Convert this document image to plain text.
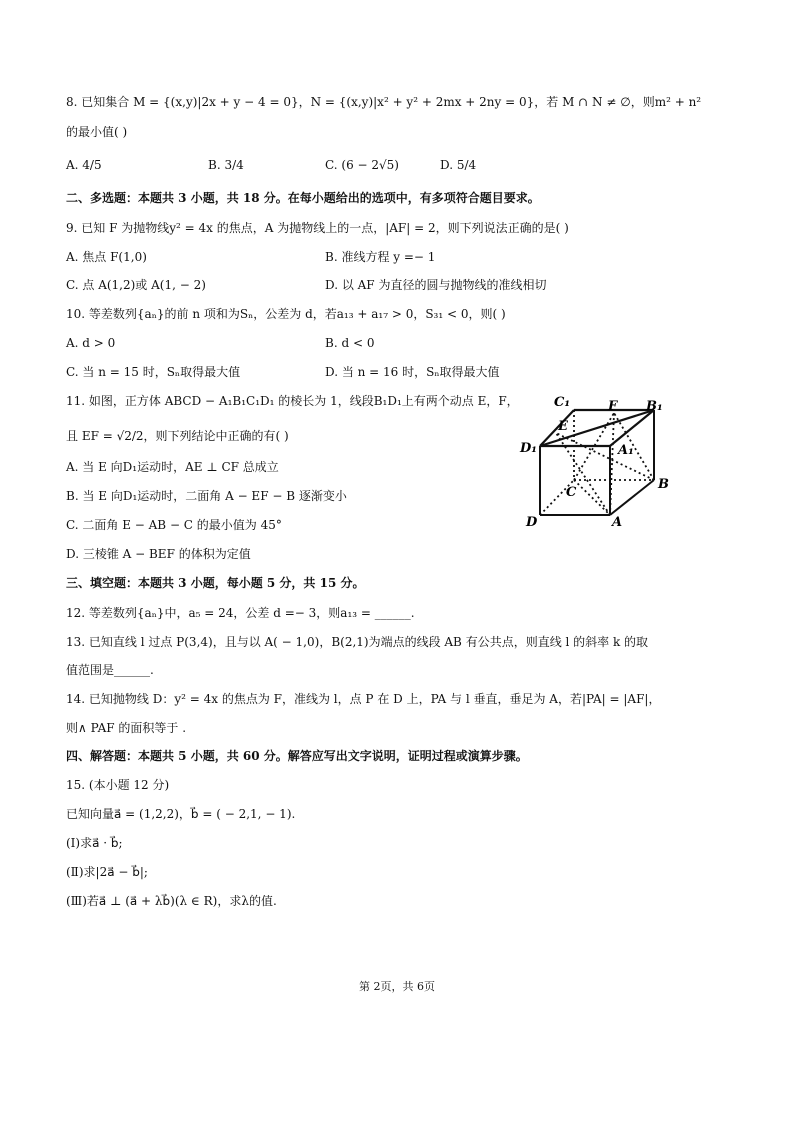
8. 已知集合 M = {(x,y)|2x + y − 4 = 0}，N = {(x,y)|x² + y² + 2mx + 2ny = 0}，若 M ∩ N ≠ ∅，则m² + n²
的最小值( )
A. 4/5	B. 3/4	C. (6 − 2√5)	D. 5/4
二、多选题：本题共 3 小题，共 18 分。在每小题给出的选项中，有多项符合题目要求。
9. 已知 F 为抛物线y² = 4x 的焦点，A 为抛物线上的一点，|AF| = 2，则下列说法正确的是( )
A. 焦点 F(1,0)	B. 准线方程 y =− 1
C. 点 A(1,2)或 A(1, − 2)	D. 以 AF 为直径的圆与抛物线的准线相切
10. 等差数列{aₙ}的前 n 项和为Sₙ，公差为 d，若a₁₃ + a₁₇ > 0，S₃₁ < 0，则( )
A. d > 0	B. d < 0
C. 当 n = 15 时，Sₙ取得最大值	D. 当 n = 16 时，Sₙ取得最大值
11. 如图，正方体 ABCD − A₁B₁C₁D₁ 的棱长为 1，线段B₁D₁上有两个动点 E，F，
且 EF = √2/2，则下列结论中正确的有( )
A. 当 E 向D₁运动时，AE ⊥ CF 总成立
B. 当 E 向D₁运动时，二面角 A − EF − B 逐渐变小
C. 二面角 E − AB − C 的最小值为 45°
D. 三棱锥 A − BEF 的体积为定值
C₁	F B₁
E
D₁	A₁
C
B
D	A
三、填空题：本题共 3 小题，每小题 5 分，共 15 分。
12. 等差数列{aₙ}中，a₅ = 24，公差 d =− 3，则a₁₃ = ______.
13. 已知直线 l 过点 P(3,4)，且与以 A( − 1,0)，B(2,1)为端点的线段 AB 有公共点，则直线 l 的斜率 k 的取
值范围是______.
14. 已知抛物线 D：y² = 4x 的焦点为 F，准线为 l，点 P 在 D 上，PA 与 l 垂直，垂足为 A，若|PA| = |AF|，
则∧ PAF 的面积等于 .
四、解答题：本题共 5 小题，共 60 分。解答应写出文字说明，证明过程或演算步骤。
15. (本小题 12 分)
已知向量a⃗ = (1,2,2)，b⃗ = ( − 2,1, − 1).
(Ⅰ)求a⃗ · b⃗;
(Ⅱ)求|2a⃗ − b⃗|;
(Ⅲ)若a⃗ ⊥ (a⃗ + λb⃗)(λ ∈ R)，求λ的值.
第 2页，共 6页
